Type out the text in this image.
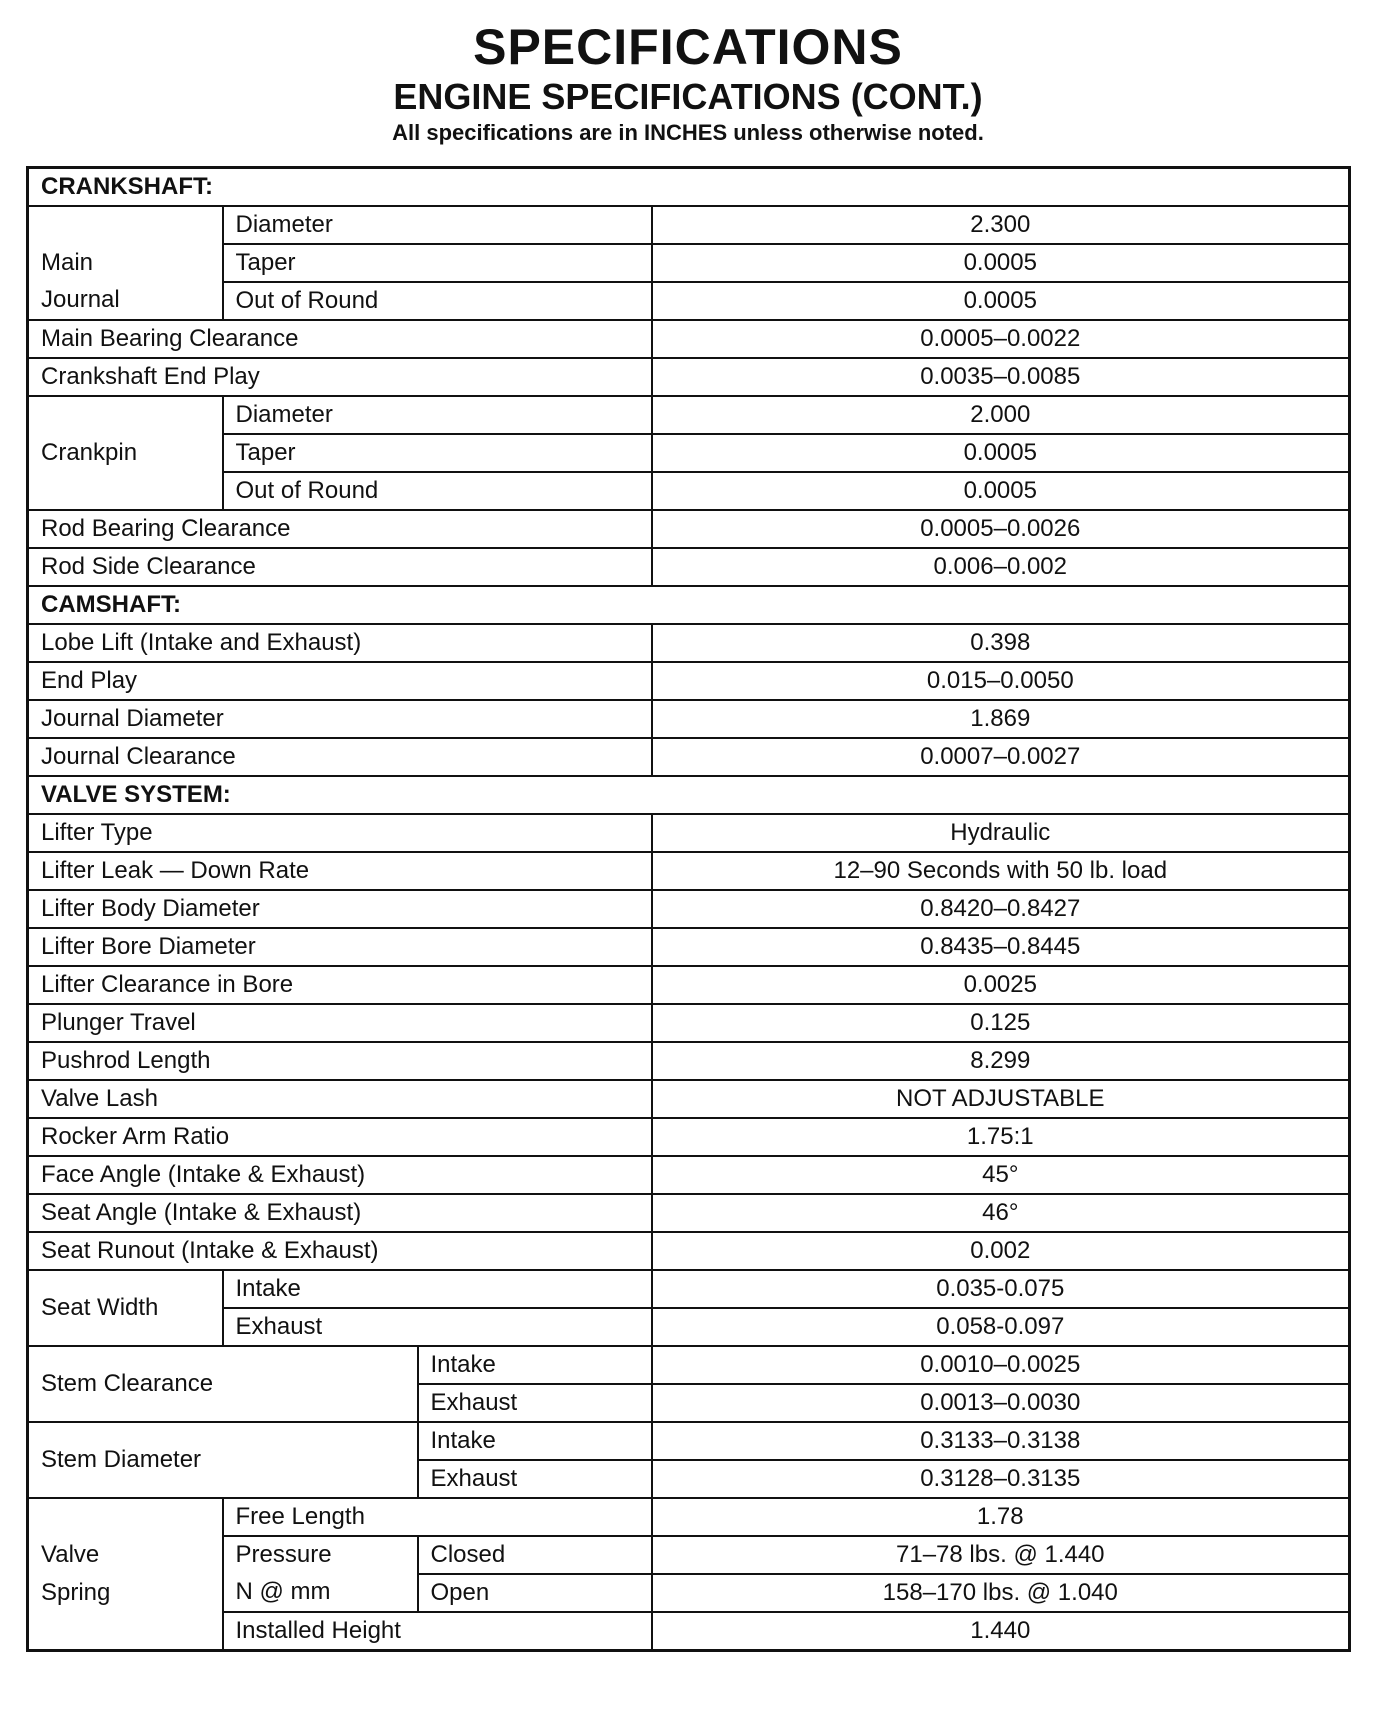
SPECIFICATIONS
ENGINE SPECIFICATIONS (CONT.)
All specifications are in INCHES unless otherwise noted.
CRANKSHAFT:			
	Diameter		2.300
Main	Taper		0.0005
Journal	Out of Round		0.0005
Main Bearing Clearance			0.0005–0.0022
Crankshaft End Play			0.0035–0.0085
Crankpin	Diameter		2.000
	Taper		0.0005
	Out of Round		0.0005
Rod Bearing Clearance			0.0005–0.0026
Rod Side Clearance			0.006–0.002
CAMSHAFT:			
Lobe Lift (Intake and Exhaust)			0.398
End Play			0.015–0.0050
Journal Diameter			1.869
Journal Clearance			0.0007–0.0027
VALVE SYSTEM:			
Lifter Type			Hydraulic
Lifter Leak — Down Rate			12–90 Seconds with 50 lb. load
Lifter Body Diameter			0.8420–0.8427
Lifter Bore Diameter			0.8435–0.8445
Lifter Clearance in Bore			0.0025
Plunger Travel			0.125
Pushrod Length			8.299
Valve Lash			NOT ADJUSTABLE
Rocker Arm Ratio			1.75:1
Face Angle (Intake & Exhaust)			45°
Seat Angle (Intake & Exhaust)			46°
Seat Runout (Intake & Exhaust)			0.002
Seat Width	Intake		0.035-0.075
	Exhaust		0.058-0.097
Stem Clearance		Intake	0.0010–0.0025
		Exhaust	0.0013–0.0030
Stem Diameter		Intake	0.3133–0.3138
		Exhaust	0.3128–0.3135
	Free Length		1.78
Valve	Pressure	Closed	71–78 lbs. @ 1.440
Spring	N @ mm	Open	158–170 lbs. @ 1.040
	Installed Height		1.440
